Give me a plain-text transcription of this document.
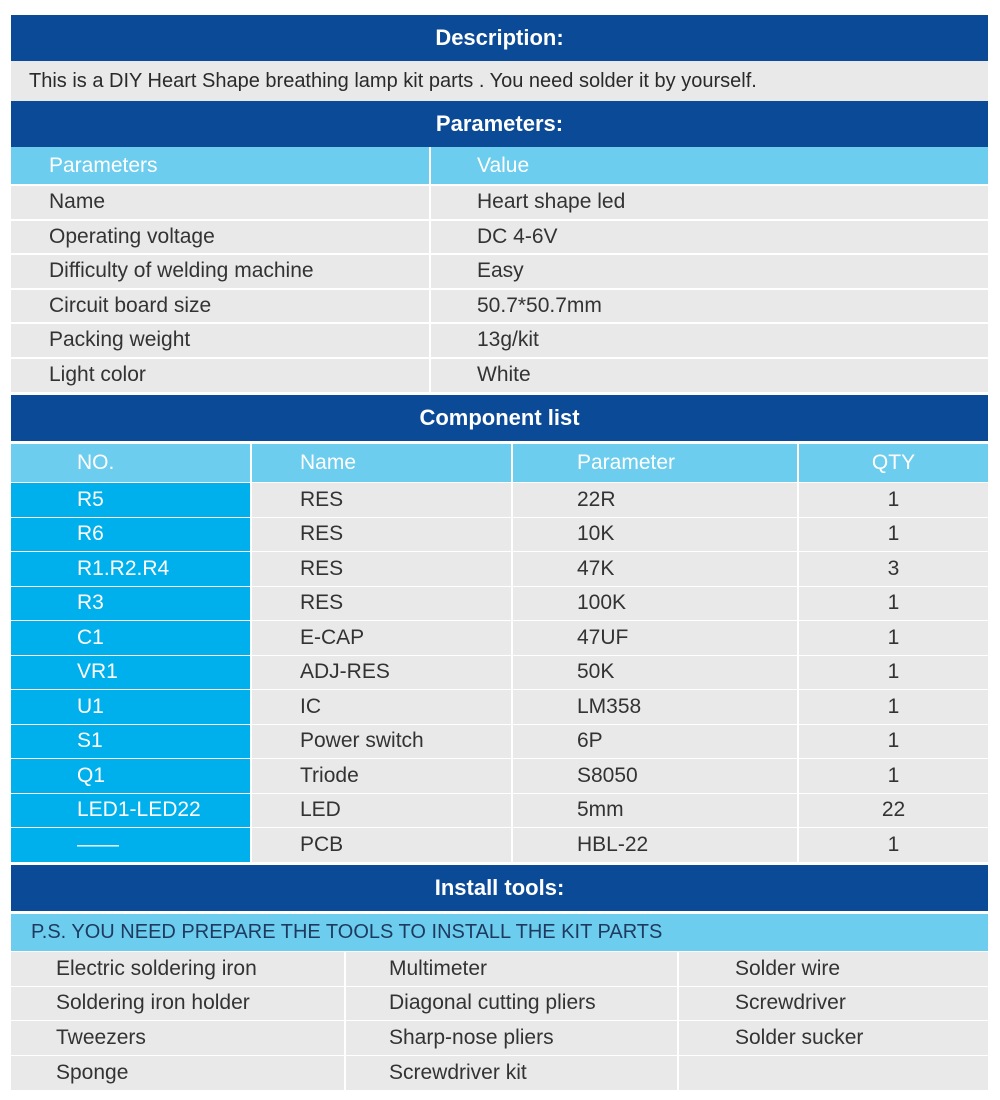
Description:
This is a DIY Heart Shape breathing lamp kit parts . You need solder it by yourself.
Parameters:
Parameters	Value
Name	Heart shape led
Operating voltage	DC 4-6V
Difficulty of welding machine	Easy
Circuit board size	50.7*50.7mm
Packing weight	13g/kit
Light color	White
Component list
NO.	Name	Parameter	QTY
R5	RES	22R	1
R6	RES	10K	1
R1.R2.R4	RES	47K	3
R3	RES	100K	1
C1	E-CAP	47UF	1
VR1	ADJ-RES	50K	1
U1	IC	LM358	1
S1	Power switch	6P	1
Q1	Triode	S8050	1
LED1-LED22	LED	5mm	22
——	PCB	HBL-22	1
Install tools:
P.S. YOU NEED PREPARE THE TOOLS TO INSTALL THE KIT PARTS
Electric soldering iron	Multimeter	Solder wire
Soldering iron holder	Diagonal cutting pliers	Screwdriver
Tweezers	Sharp-nose pliers	Solder sucker
Sponge	Screwdriver kit	
